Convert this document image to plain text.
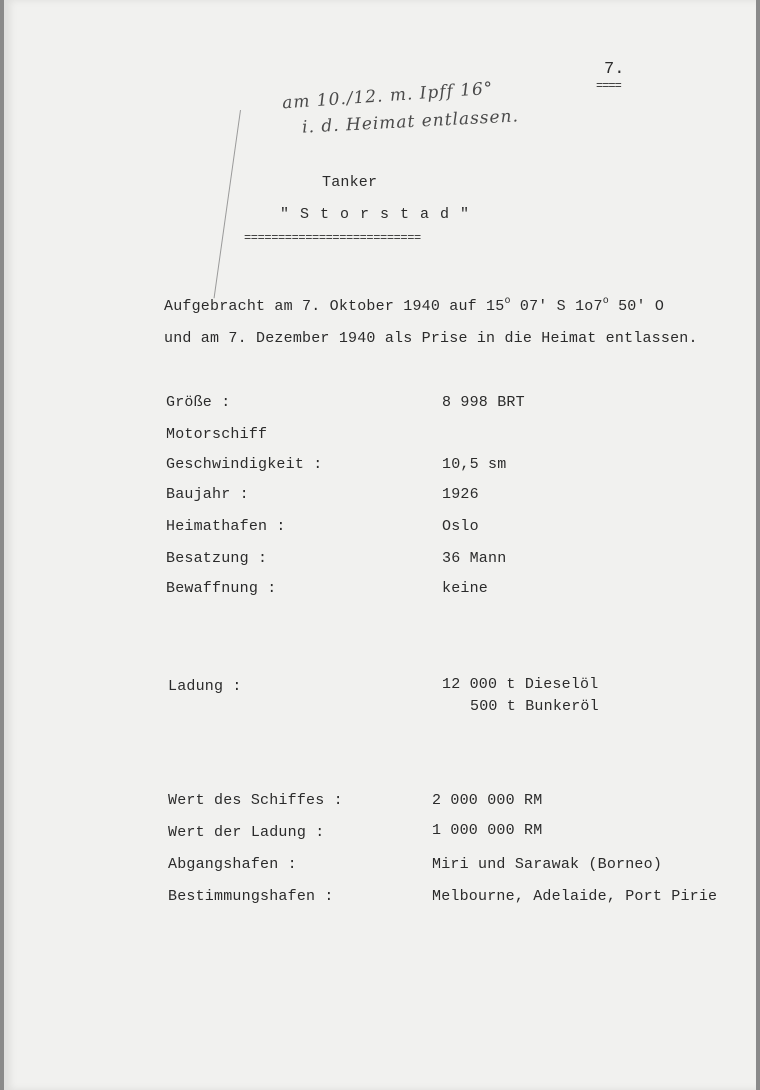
7.
====
am 10./12. m. Ipff 16°
i. d. Heimat entlassen.
Tanker
" S t o r s t a d "
==========================
Aufgebracht am 7. Oktober 1940 auf 15$^o$ 07' S 1o7$^o$ 50' O
und am 7. Dezember 1940 als Prise in die Heimat entlassen.
Größe :	8 998 BRT
Motorschiff
Geschwindigkeit :	10,5 sm
Baujahr :	1926
Heimathafen :	Oslo
Besatzung :	36 Mann
Bewaffnung :	keine
Ladung :	12 000 t Dieselöl
500 t Bunkeröl
Wert des Schiffes :	2 000 000 RM
Wert der Ladung :	1 000 000 RM
Abgangshafen :	Miri und Sarawak (Borneo)
Bestimmungshafen :	Melbourne, Adelaide, Port Pirie
